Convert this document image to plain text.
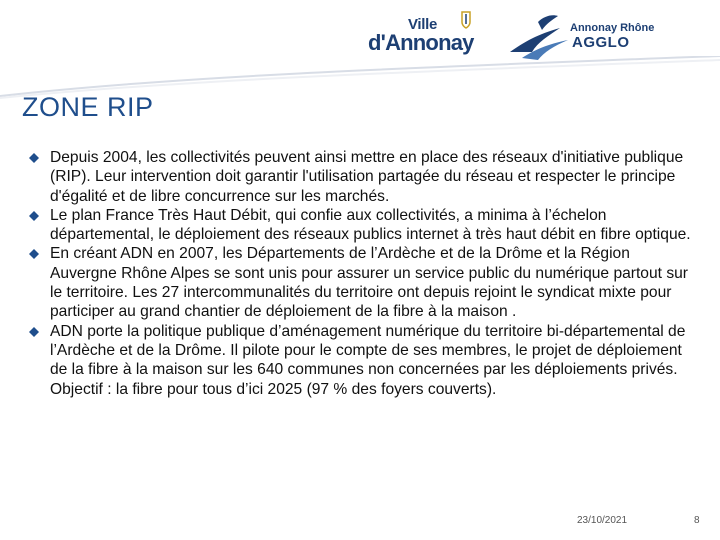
Ville
d'Annonay
Annonay Rhône
AGGLO
ZONE RIP
Depuis 2004, les collectivités peuvent ainsi mettre en place des réseaux d'initiative publique (RIP). Leur intervention doit garantir l'utilisation partagée du réseau et respecter le principe d'égalité et de libre concurrence sur les marchés.
Le plan France Très Haut Débit, qui confie aux collectivités, a minima à l’échelon départemental, le déploiement des réseaux publics internet à très haut débit en fibre optique.
En créant ADN en 2007, les Départements de l’Ardèche et de la Drôme et la Région Auvergne Rhône Alpes se sont unis pour assurer un service public du numérique partout sur le territoire. Les 27 intercommunalités du territoire ont depuis rejoint le syndicat mixte pour participer au grand chantier de déploiement de la fibre à la maison .
ADN porte la politique publique d’aménagement numérique du territoire bi-départemental de l’Ardèche et de la Drôme. Il pilote pour le compte de ses membres, le projet de déploiement de la fibre à la maison sur les 640 communes non concernées par les déploiements privés. Objectif : la fibre pour tous d’ici 2025 (97 % des foyers couverts).
23/10/2021	8
